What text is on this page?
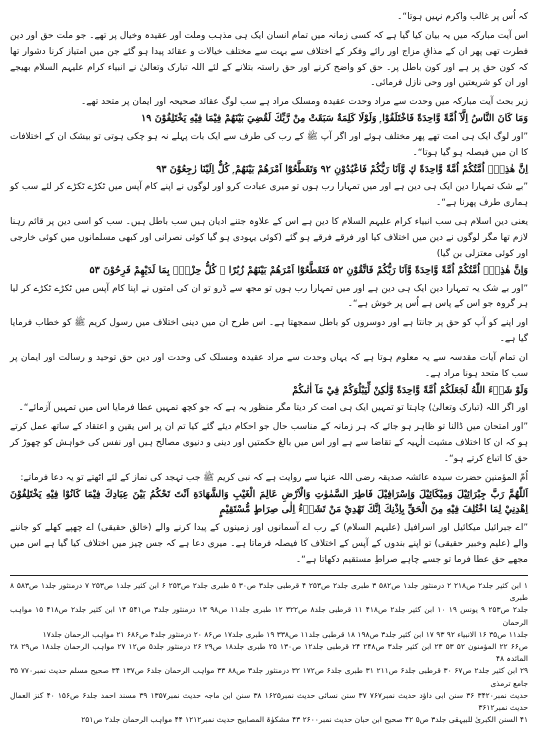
کہ اُس پر غالب واکرم نہیں ہوتا“۔

اس آیت مبارکہ میں یہ بیان کیا گیا ہے کہ کسی زمانہ میں تمام انسان ایک ہی مذہب وملت اور عقیدہ وخیال پر تھے۔ جو ملت حق اور دین فطرت تھی پھر ان کے مذاقِ مزاج اور رائے وفکر کے اختلاف سے بہت سے مختلف خیالات و عقائد پیدا ہو گئے جن میں امتیاز کرنا دشوار تھا کہ کون حق پر ہے اور کون باطل پر۔ حق کو واضح کرنے اور حق راستہ بتلانے کے لئے اللہ تبارک وتعالیٰ نے انبیاء کرام علیہم السلام بھیجے اور ان کو شریعتیں اور وحی نازل فرمائی۔

زیر بحث آیت مبارکہ میں وحدت سے مراد وحدت عقیدہ ومسلک مراد ہے سب لوگ عقائد صحیحہ اور ایمان پر متحد تھے۔

وَمَا كَانَ النَّاسُ اِلَّآ اُمَّةً وَّاحِدَةً فَاخْتَلَفُوْا ۭ وَلَوْلَا كَلِمَةٌ سَبَقَتْ مِنْ رَّبِّكَ لَقُضِيَ بَيْنَهُمْ فِيْمَا فِيْهِ يَخْتَلِفُوْنَ ۱۹

”اور لوگ ایک ہی امت تھے پھر مختلف ہوئے اور اگر آپ ﷺ کے رب کی طرف سے ایک بات پہلے نہ ہو چکی ہوتی تو بیشک ان کے اختلافات کا ان میں فیصلہ ہو گیا ہوتا“۔

اِنَّ هٰذِهٖٓ اُمَّتُكُمْ اُمَّةً وَّاحِدَةً ڮ وَّاَنَا رَبُّكُمْ فَاعْبُدُوْنِ ۹۲ وَتَقَطَّعُوْٓا اَمْرَهُمْ بَيْنَهُمْ ۭ كُلٌّ اِلَيْنَا رٰجِعُوْنَ ۹۳

”بے شک تمہارا دین ایک ہی دین ہے اور میں تمہارا رب ہوں تو میری عبادت کرو اور لوگوں نے اپنے کام آپس میں ٹکڑے ٹکڑے کر لئے سب کو ہماری طرف پھرنا ہے“۔

یعنی دین اسلام ہی سب انبیاء کرام علیہم السلام کا دین ہے اس کے علاوہ جتنے ادیان ہیں سب باطل ہیں۔ سب کو اسی دین پر قائم رہنا لازم تھا مگر لوگوں نے دین میں اختلاف کیا اور فرقے فرقے ہو گئے (کوئی یہودی ہو گیا کوئی نصرانی اور کبھی مسلمانوں میں کوئی خارجی اور کوئی معتزلی بن گیا)

وَاِنَّ هٰذِهٖٓ اُمَّتُكُمْ اُمَّةً وَّاحِدَةً وَّاَنَا رَبُّكُمْ فَاتَّقُوْنِ ۵۲ فَتَقَطَّعُوْٓا اَمْرَهُمْ بَيْنَهُمْ زُبُرًا ۭ كُلُّ حِزْبٍۢ بِمَا لَدَيْهِمْ فَرِحُوْنَ ۵۳

”اور بے شک یہ تمہارا دین ایک ہی دین ہے اور میں تمہارا رب ہوں تو مجھ سے ڈرو تو ان کی امتوں نے اپنا کام آپس میں ٹکڑے ٹکڑے کر لیا ہر گروہ جو اس کے پاس ہے اُس پر خوش ہے“۔

اور اپنے کو آپ کو حق پر جانتا ہے اور دوسروں کو باطل سمجھتا ہے۔ اس طرح ان میں دینی اختلاف میں رسول کریم ﷺ کو خطاب فرمایا گیا ہے۔

ان تمام آیات مقدسہ سے یہ معلوم ہوتا ہے کہ یہاں وحدت سے مراد عقیدہ ومسلک کی وحدت اور دین حق توحید و رسالت اور ایمان پر سب کا متحد ہونا مراد ہے۔

وَلَوْ شَاۗءَ اللّٰهُ لَجَعَلَكُمْ اُمَّةً وَّاحِدَةً وَّلٰكِنْ لِّيَبْلُوَكُمْ فِيْ مَآ اٰتٰىكُمْ

اور اگر اللہ (تبارک وتعالیٰ) چاہتا تو تمہیں ایک ہی امت کر دیتا مگر منظور یہ ہے کہ جو کچھ تمہیں عطا فرمایا اس میں تمہیں آزمائے“۔

”اور امتحان میں ڈالنا تو ظاہر ہو جائے کہ ہر زمانہ کے مناسب حال جو احکام دیئے گئے کیا تم ان پر اس یقین و اعتقاد کے ساتھ عمل کرتے ہو کہ ان کا اختلاف مشیت الٰہیہ کے تقاضا سے ہے اور اس میں بالغ حکمتیں اور دینی و دنیوی مصالح ہیں اور نفس کی خواہش کو چھوڑ کر حق کا اتباع کرتے ہو“۔

اُمّ المؤمنین حضرت سیدہ عائشہ صدیقہ رضی اللہ عنہا سے روایت ہے کہ نبی کریم ﷺ جب تہجد کی نماز کے لئے اٹھتے تو یہ دعا فرماتے:

اَللّٰهُمَّ رَبَّ جِبْرَائِيْلَ وَمِيْكَائِيْلَ وَاِسْرَافِيْلَ فَاطِرَ السَّمٰوٰتِ وَالْاَرْضِ عَالِمَ الْغَيْبِ وَالشَّهَادَةِ اَنْتَ تَحْكُمُ بَيْنَ عِبَادِكَ فِيْمَا كَانُوْا فِيْهِ يَخْتَلِفُوْنَ اِهْدِنِيْ لِمَا اخْتُلِفَ فِيْهِ مِنَ الْحَقِّ بِاِذْنِكَ اِنَّكَ تَهْدِيْ مَنْ تَشَاۗءُ اِلٰى صِرَاطٍ مُّسْتَقِيْمٍ

”اے جبرائیل میکائیل اور اسرافیل (علیہم السلام) کے رب اے آسمانوں اور زمینوں کے پیدا کرنے والے (خالق حقیقی) اے چھپے کھلے کو جاننے والے (علیم وخبیر حقیقی) تو اپنے بندوں کے آپس کے اختلاف کا فیصلہ فرماتا ہے۔ میری دعا ہے کہ جس چیز میں اختلاف کیا گیا ہے اس میں مجھے حق عطا فرما تو جسے چاہے صراطِ مستقیم دکھاتا ہے“۔

۱ ابن کثیر جلد۲ ص۲۱۸ ۲ درمنثور جلد۱ ص۵۸۲ ۳ طبری جلد۲ ص۲۵۳ ۴ قرطبی جلد۳ ص۳۰ ۵ طبری جلد۲ ص۲۵۳ ۶ ابن کثیر جلد۱ ص۲۵۳ ۷ درمنثور جلد۱ ص۵۸۳ ۸ طبری

جلد۲ ص۲۵۳ ۹ یونس ۱۹ ۱۰ ابن کثیر جلد۲ ص۴۱۸ ۱۱ قرطبی جلد۸ ص۳۲۲ ۱۲ طبری جلد۱۱ ص۹۸ ۱۳ درمنثور جلد۳ ص۵۴۱ ۱۴ ابن کثیر جلد۲ ص۴۱۸ ۱۵ مواہب الرحمان

جلد۱۱ ص۳۵ ۱۶ الانبیاء ۹۲ ۹۳ ۱۷ ابن کثیر جلد۳ ص۱۹۸ ۱۸ قرطبی جلد۱۱ ص۳۳۸ ۱۹ طبری جلد۱۷ ص۸۶ ۲۰ درمنثور جلد۴ ص۶۸۶ ۲۱ مواہب الرحمان جلد۱۷

ص۶۶ ۲۲ المؤمنون ۵۲ ۵۳ ۲۳ ابن کثیر جلد۳ ص۲۴۸ ۲۴ قرطبی جلد۱۲ ص۱۳۰ ۲۵ طبری جلد۱۸ ص۲۹ ۲۶ درمنثور جلد۵ ص۱۲ ۲۷ مواہب الرحمان جلد۱۸ ص۲۹ ۲۸ المائدہ ۴۸

۲۹ ابن کثیر جلد۲ ص۶۷ ۳۰ قرطبی جلد۶ ص۲۱۱ ۳۱ طبری جلد۶ ص۱۷۲ ۳۲ درمنثور جلد۳ ص۸۸ ۳۳ مواہب الرحمان جلد۶ ص۱۳۷ ۳۴ صحیح مسلم حدیث نمبر۷۷۰ ۳۵ جامع ترمذی

حدیث نمبر۳۴۲۰ ۳۶ سنن ابی داؤد حدیث نمبر۷۶۷ ۳۷ سنن نسائی حدیث نمبر۱۶۲۵ ۳۸ سنن ابن ماجہ حدیث نمبر۱۳۵۷ ۳۹ مسند احمد جلد۶ ص۱۵۶ ۴۰ کنز العمال حدیث نمبر۳۶۱۲

۴۱ السنن الکبریٰ للبیہقی جلد۳ ص۵ ۴۲ صحیح ابن حبان حدیث نمبر۲۶۰۰ ۴۳ مشکوٰۃ المصابیح حدیث نمبر۱۲۱۲ ۴۴ مواہب الرحمان جلد۲ ص۲۵۱
